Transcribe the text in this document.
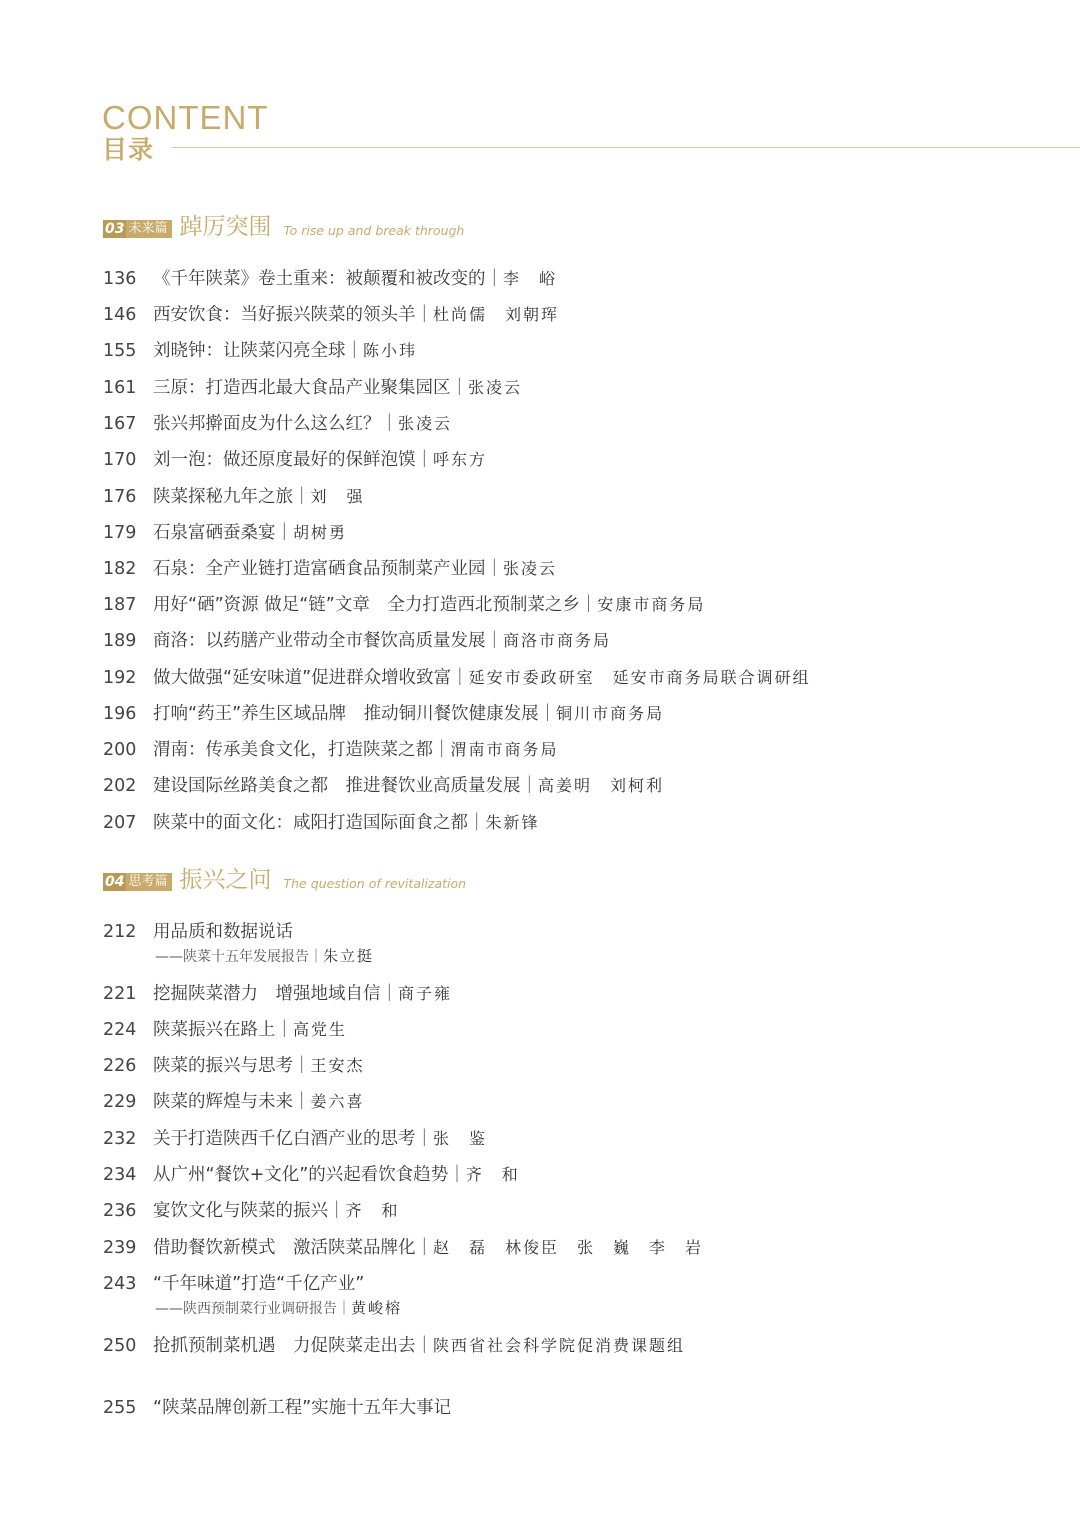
CONTENT
目录
03 未来篇 踔厉突围 To rise up and break through
136 《千年陕菜》卷土重来：被颠覆和被改变的｜李　峪
146 西安饮食：当好振兴陕菜的领头羊｜杜尚儒　刘朝珲
155 刘晓钟：让陕菜闪亮全球｜陈小玮
161 三原：打造西北最大食品产业聚集园区｜张凌云
167 张兴邦擀面皮为什么这么红？｜张凌云
170 刘一泡：做还原度最好的保鲜泡馍｜呼东方
176 陕菜探秘九年之旅｜刘　强
179 石泉富硒蚕桑宴｜胡树勇
182 石泉：全产业链打造富硒食品预制菜产业园｜张凌云
187 用好“硒”资源 做足“链”文章　全力打造西北预制菜之乡｜安康市商务局
189 商洛：以药膳产业带动全市餐饮高质量发展｜商洛市商务局
192 做大做强“延安味道”促进群众增收致富｜延安市委政研室　延安市商务局联合调研组
196 打响“药王”养生区域品牌　推动铜川餐饮健康发展｜铜川市商务局
200 渭南：传承美食文化，打造陕菜之都｜渭南市商务局
202 建设国际丝路美食之都　推进餐饮业高质量发展｜高姜明　刘柯利
207 陕菜中的面文化：咸阳打造国际面食之都｜朱新锋
04 思考篇 振兴之问 The question of revitalization
212 用品质和数据说话
——陕菜十五年发展报告｜朱立挺
221 挖掘陕菜潜力　增强地域自信｜商子雍
224 陕菜振兴在路上｜高党生
226 陕菜的振兴与思考｜王安杰
229 陕菜的辉煌与未来｜姜六喜
232 关于打造陕西千亿白酒产业的思考｜张　鉴
234 从广州“餐饮+文化”的兴起看饮食趋势｜齐　和
236 宴饮文化与陕菜的振兴｜齐　和
239 借助餐饮新模式　激活陕菜品牌化｜赵　磊　林俊臣　张　巍　李　岩
243 “千年味道”打造“千亿产业”
——陕西预制菜行业调研报告｜黄峻榕
250 抢抓预制菜机遇　力促陕菜走出去｜陕西省社会科学院促消费课题组
255 “陕菜品牌创新工程”实施十五年大事记
